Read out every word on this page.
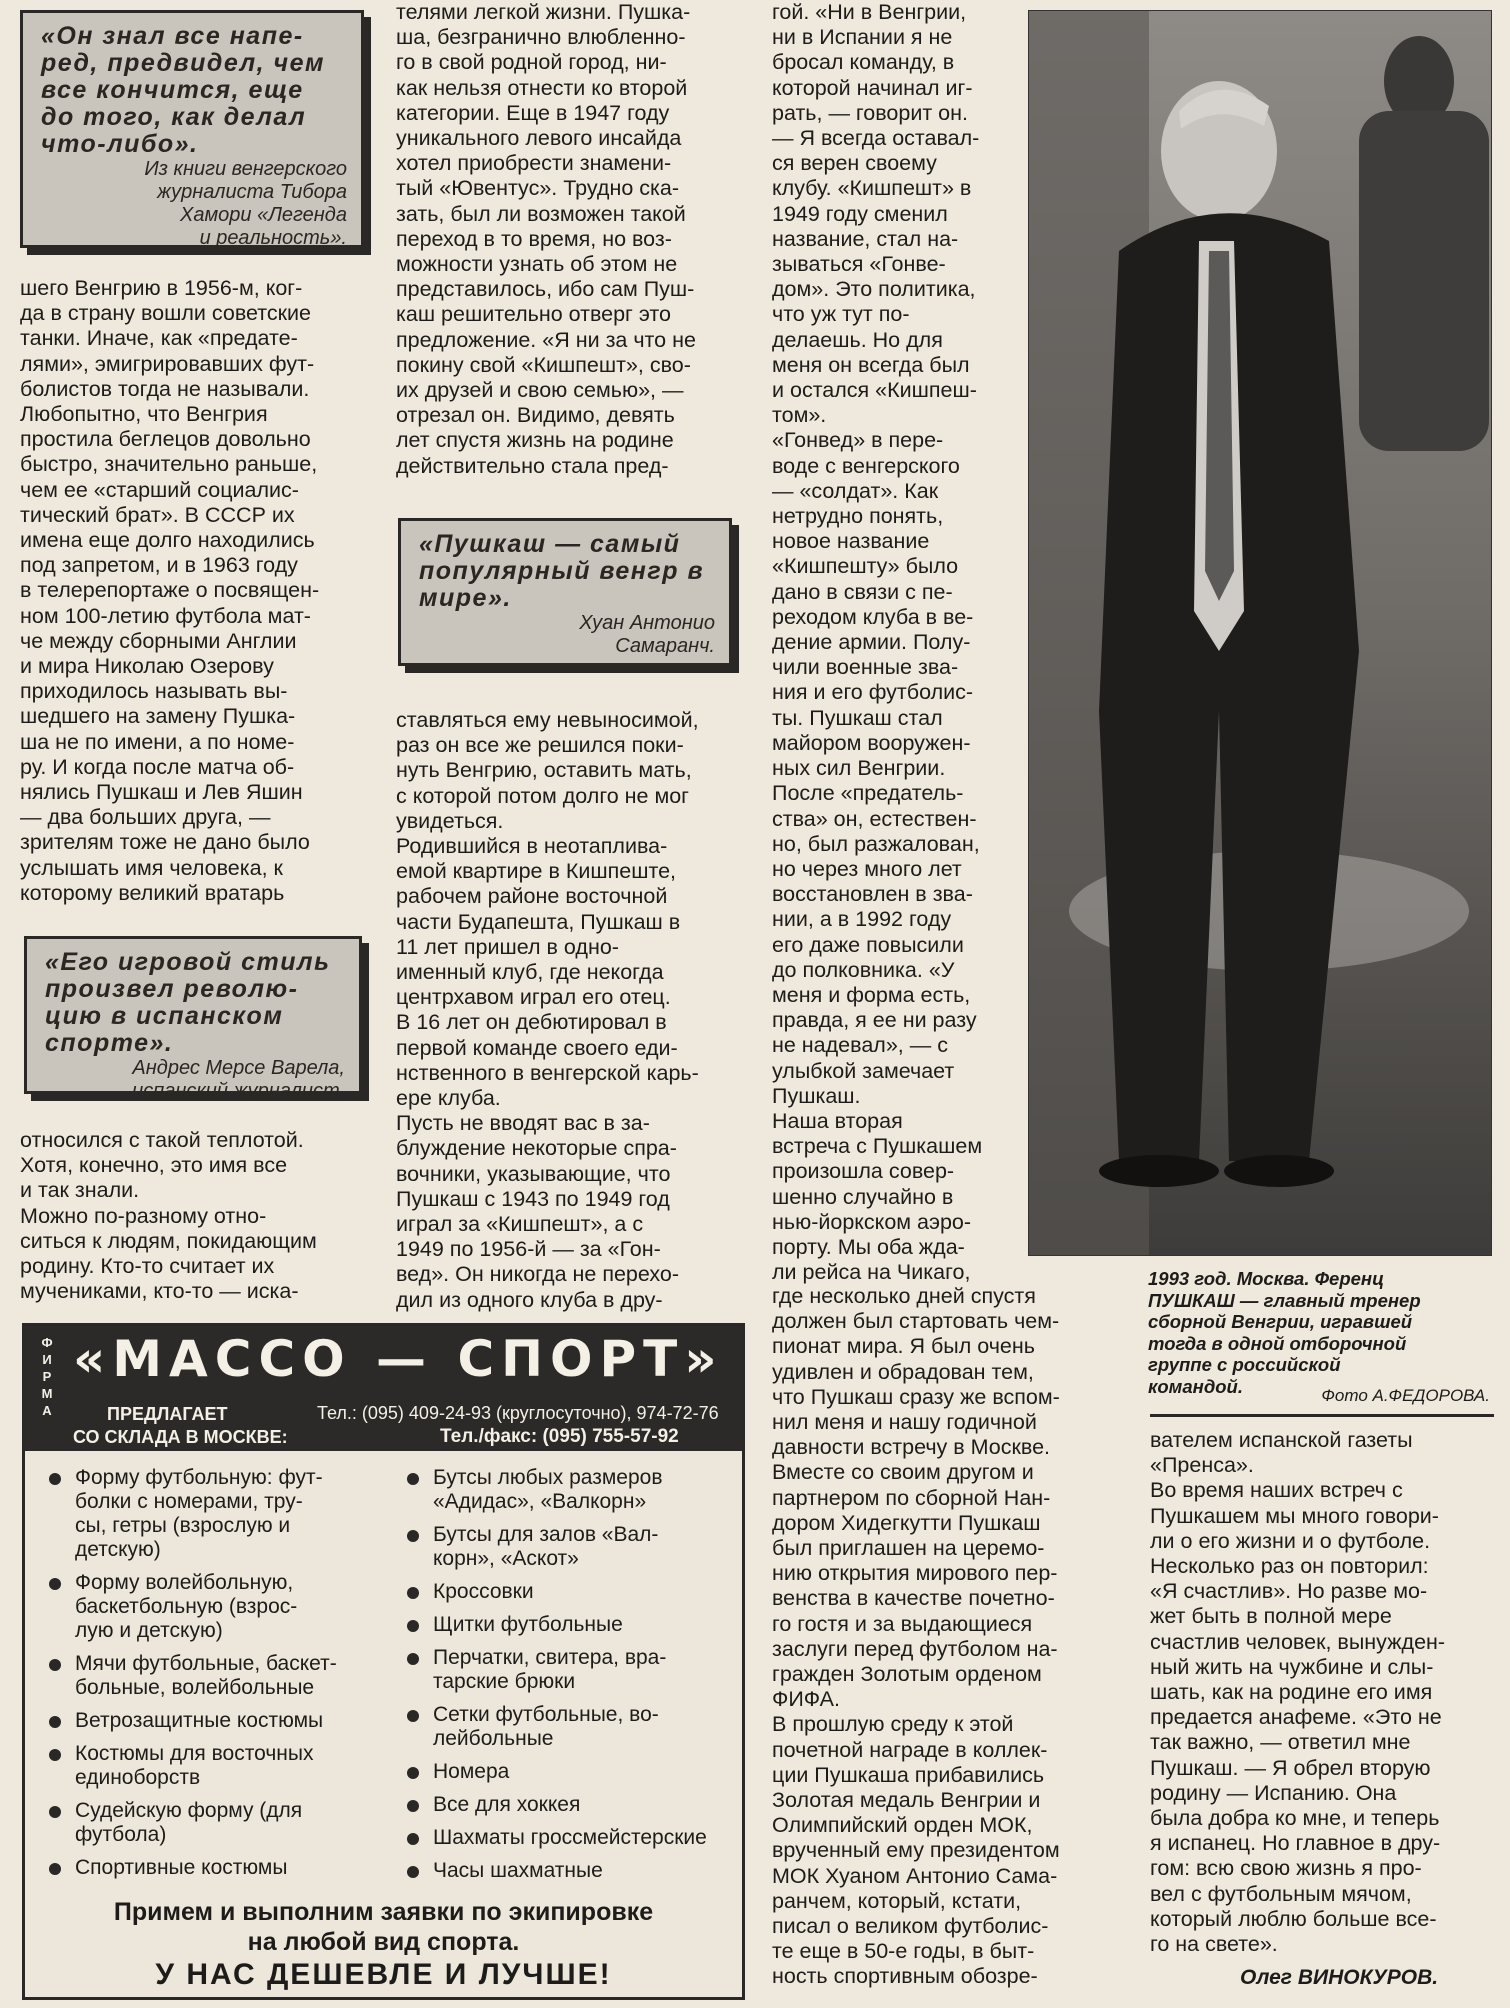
«Он знал все напе-
ред, предвидел, чем
все кончится, еще
до того, как делал
что-либо».
Из книги венгерского
журналиста Тибора
Хамори «Легенда
и реальность».
«Пушкаш — самый
популярный венгр в
мире».
Хуан Антонио
Самаранч.
«Его игровой стиль
произвел револю-
цию в испанском
спорте».
Андрес Мерсе Варела,
испанский журналист.
шего Венгрию в 1956-м, ког-
да в страну вошли советские
танки. Иначе, как «предате-
лями», эмигрировавших фут-
болистов тогда не называли.
Любопытно, что Венгрия
простила беглецов довольно
быстро, значительно раньше,
чем ее «старший социалис-
тический брат». В СССР их
имена еще долго находились
под запретом, и в 1963 году
в телерепортаже о посвящен-
ном 100-летию футбола мат-
че между сборными Англии
и мира Николаю Озерову
приходилось называть вы-
шедшего на замену Пушка-
ша не по имени, а по номе-
ру. И когда после матча об-
нялись Пушкаш и Лев Яшин
— два больших друга, —
зрителям тоже не дано было
услышать имя человека, к
которому великий вратарь
относился с такой теплотой.
Хотя, конечно, это имя все
и так знали.
Можно по-разному отно-
ситься к людям, покидающим
родину. Кто-то считает их
мучениками, кто-то — иска-
телями легкой жизни. Пушка-
ша, безгранично влюбленно-
го в свой родной город, ни-
как нельзя отнести ко второй
категории. Еще в 1947 году
уникального левого инсайда
хотел приобрести знамени-
тый «Ювентус». Трудно ска-
зать, был ли возможен такой
переход в то время, но воз-
можности узнать об этом не
представилось, ибо сам Пуш-
каш решительно отверг это
предложение. «Я ни за что не
покину свой «Кишпешт», сво-
их друзей и свою семью», —
отрезал он. Видимо, девять
лет спустя жизнь на родине
действительно стала пред-
ставляться ему невыносимой,
раз он все же решился поки-
нуть Венгрию, оставить мать,
с которой потом долго не мог
увидеться.
Родившийся в неотаплива-
емой квартире в Кишпеште,
рабочем районе восточной
части Будапешта, Пушкаш в
11 лет пришел в одно-
именный клуб, где некогда
центрхавом играл его отец.
В 16 лет он дебютировал в
первой команде своего еди-
нственного в венгерской карь-
ере клуба.
Пусть не вводят вас в за-
блуждение некоторые спра-
вочники, указывающие, что
Пушкаш с 1943 по 1949 год
играл за «Кишпешт», а с
1949 по 1956-й — за «Гон-
вед». Он никогда не перехо-
дил из одного клуба в дру-
гой. «Ни в Венгрии,
ни в Испании я не
бросал команду, в
которой начинал иг-
рать, — говорит он.
— Я всегда оставал-
ся верен своему
клубу. «Кишпешт» в
1949 году сменил
название, стал на-
зываться «Гонве-
дом». Это политика,
что уж тут по-
делаешь. Но для
меня он всегда был
и остался «Кишпеш-
том».
«Гонвед» в пере-
воде с венгерского
— «солдат». Как
нетрудно понять,
новое название
«Кишпешту» было
дано в связи с пе-
реходом клуба в ве-
дение армии. Полу-
чили военные зва-
ния и его футболис-
ты. Пушкаш стал
майором вооружен-
ных сил Венгрии.
После «предатель-
ства» он, естествен-
но, был разжалован,
но через много лет
восстановлен в зва-
нии, а в 1992 году
его даже повысили
до полковника. «У
меня и форма есть,
правда, я ее ни разу
не надевал», — с
улыбкой замечает
Пушкаш.
Наша вторая
встреча с Пушкашем
произошла совер-
шенно случайно в
нью-йоркском аэро-
порту. Мы оба жда-
ли рейса на Чикаго,
где несколько дней спустя
должен был стартовать чем-
пионат мира. Я был очень
удивлен и обрадован тем,
что Пушкаш сразу же вспом-
нил меня и нашу годичной
давности встречу в Москве.
Вместе со своим другом и
партнером по сборной Нан-
дором Хидегкутти Пушкаш
был приглашен на церемо-
нию открытия мирового пер-
венства в качестве почетно-
го гостя и за выдающиеся
заслуги перед футболом на-
гражден Золотым орденом
ФИФА.
В прошлую среду к этой
почетной награде в коллек-
ции Пушкаша прибавились
Золотая медаль Венгрии и
Олимпийский орден МОК,
врученный ему президентом
МОК Хуаном Антонио Сама-
ранчем, который, кстати,
писал о великом футболис-
те еще в 50-е годы, в быт-
ность спортивным обозре-
1993 год. Москва. Ференц
ПУШКАШ — главный тренер
сборной Венгрии, игравшей
тогда в одной отборочной
группе с российской
командой.	Фото А.ФЕДОРОВА.
вателем испанской газеты
«Пренса».
Во время наших встреч с
Пушкашем мы много говори-
ли о его жизни и о футболе.
Несколько раз он повторил:
«Я счастлив». Но разве мо-
жет быть в полной мере
счастлив человек, вынужден-
ный жить на чужбине и слы-
шать, как на родине его имя
предается анафеме. «Это не
так важно, — ответил мне
Пушкаш. — Я обрел вторую
родину — Испанию. Она
была добра ко мне, и теперь
я испанец. Но главное в дру-
гом: всю свою жизнь я про-
вел с футбольным мячом,
который люблю больше все-
го на свете».
Олег ВИНОКУРОВ.
Ф
И
Р
М
А
«МАССО — СПОРТ»
ПРЕДЛАГАЕТ
СО СКЛАДА В МОСКВЕ:
Тел.: (095) 409-24-93 (круглосуточно), 974-72-76
Тел./факс: (095) 755-57-92
Форму футбольную: фут-
болки с номерами, тру-
сы, гетры (взрослую и
детскую)
Форму волейбольную,
баскетбольную (взрос-
лую и детскую)
Мячи футбольные, баскет-
больные, волейбольные
Ветрозащитные костюмы
Костюмы для восточных
единоборств
Судейскую форму (для
футбола)
Спортивные костюмы
Бутсы любых размеров
«Адидас», «Валкорн»
Бутсы для залов «Вал-
корн», «Аскот»
Кроссовки
Щитки футбольные
Перчатки, свитера, вра-
тарские брюки
Сетки футбольные, во-
лейбольные
Номера
Все для хоккея
Шахматы гроссмейстерские
Часы шахматные
Примем и выполним заявки по экипировке
на любой вид спорта.
У НАС ДЕШЕВЛЕ И ЛУЧШЕ!
